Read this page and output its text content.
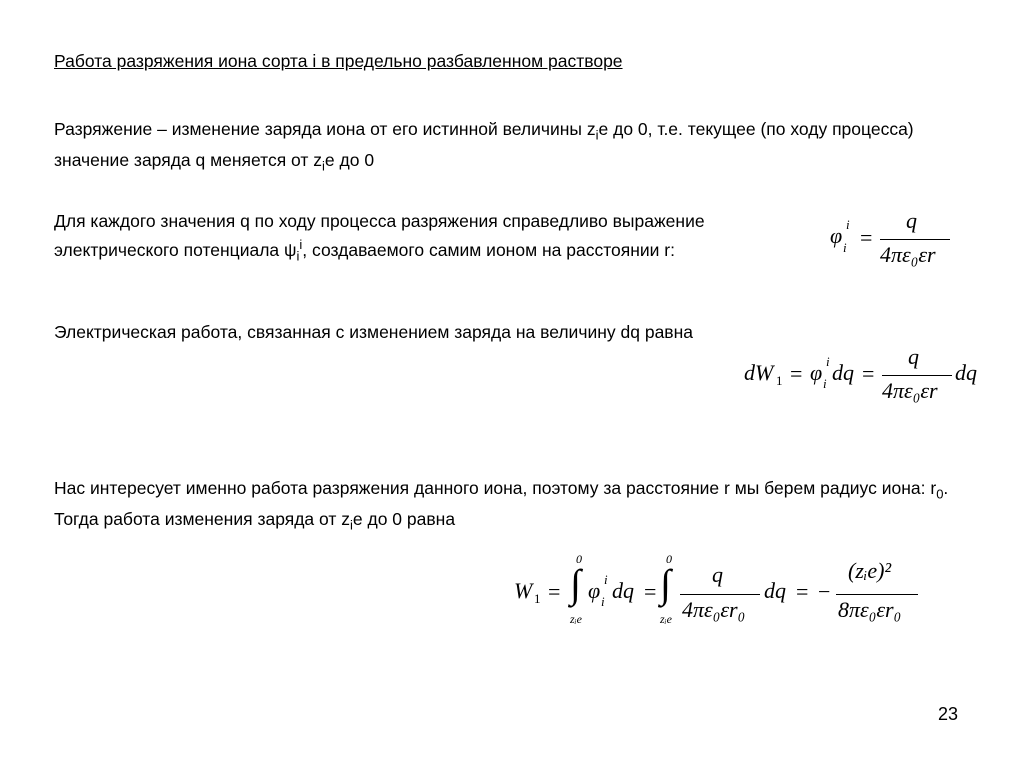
Работа разряжения иона сорта i в предельно разбавленном растворе

Разряжение – изменение заряда иона от его истинной величины $z_iе$ до 0, т.е. текущее (по ходу процесса) значение заряда q меняется от $z_iе$ до 0

Для каждого значения q по ходу процесса разряжения справедливо выражение электрического потенциала $\psi_i^i$, создаваемого самим ионом на расстоянии r:

φ i
i =
q
4πε₀εr

Электрическая работа, связанная с изменением заряда на величину dq равна

dW 1 = φ i
i dq =
q
4πε₀εr
dq

Нас интересует именно работа разряжения данного иона, поэтому за расстояние r мы берем радиус иона: $r_0$. Тогда работа изменения заряда от $z_iе$ до 0 равна

W 1 =
0
∫
zᵢe
φ i
i dq =
0
∫
zᵢe
q
4πε₀εr₀
dq = −
(zᵢe)²
8πε₀εr₀
23
